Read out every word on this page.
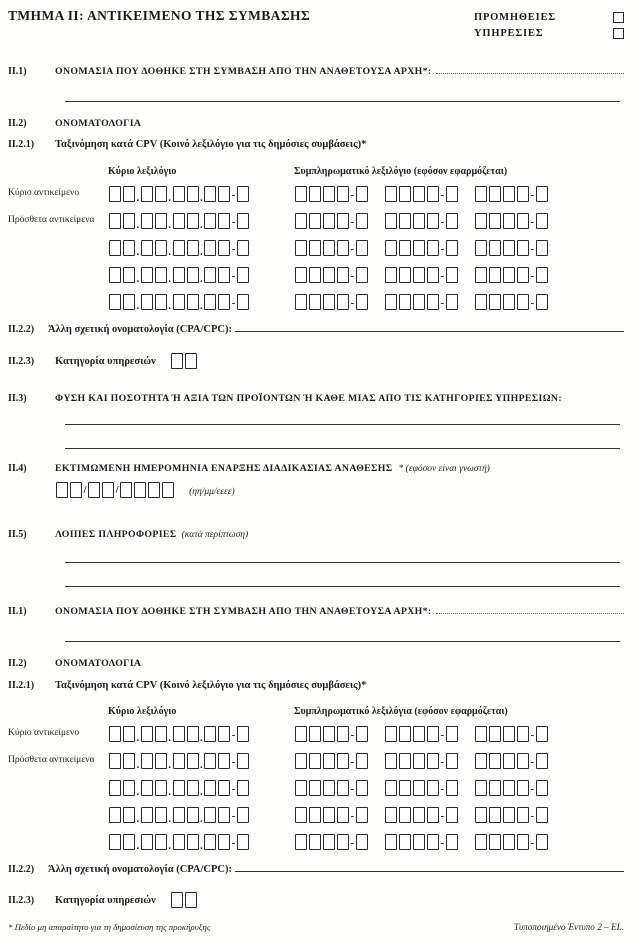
ΤΜΗΜΑ ΙΙ: ΑΝΤΙΚΕΙΜΕΝΟ ΤΗΣ ΣΥΜΒΑΣΗΣ	ΠΡΟΜΗΘΕΙΕΣ
ΥΠΗΡΕΣΙΕΣ
II.1)	ΟΝΟΜΑΣΙΑ ΠΟΥ ΔΟΘΗΚΕ ΣΤΗ ΣΥΜΒΑΣΗ ΑΠΟ ΤΗΝ ΑΝΑΘΕΤΟΥΣΑ ΑΡΧΗ*:
II.2)	ΟΝΟΜΑΤΟΛΟΓΙΑ
II.2.1)	Ταξινόμηση κατά CPV (Κοινό λεξιλόγιο για τις δημόσιες συμβάσεις)*
Κύριο λεξιλόγιο	Συμπληρωματικό λεξιλόγιο (εφόσον εφαρμόζεται)
Κύριο αντικείμενο	.	.	.	-	-	-	-
Πρόσθετα αντικείμενα	.	.	.	-	-	-	-
.	.	.	-	-	-	-
.	.	.	-	-	-	-
.	.	.	-	-	-	-
II.2.2)	Άλλη σχετική ονοματολογία (CPA/CPC):
II.2.3)	Κατηγορία υπηρεσιών
II.3)	ΦΥΣΗ ΚΑΙ ΠΟΣΟΤΗΤΑ Ή ΑΞΙΑ ΤΩΝ ΠΡΟΪΟΝΤΩΝ Ή ΚΑΘΕ ΜΙΑΣ ΑΠΟ ΤΙΣ ΚΑΤΗΓΟΡΙΕΣ ΥΠΗΡΕΣΙΩΝ:
II.4)	ΕΚΤΙΜΩΜΕΝΗ ΗΜΕΡΟΜΗΝΙΑ ΕΝΑΡΞΗΣ ΔΙΑΔΙΚΑΣΙΑΣ ΑΝΑΘΕΣΗΣ * (εφόσον είναι γνωστή)
/	/	(ηη/μμ/εεεε)
II.5)	ΛΟΙΠΕΣ ΠΛΗΡΟΦΟΡΙΕΣ (κατά περίπτωση)
II.1)	ΟΝΟΜΑΣΙΑ ΠΟΥ ΔΟΘΗΚΕ ΣΤΗ ΣΥΜΒΑΣΗ ΑΠΟ ΤΗΝ ΑΝΑΘΕΤΟΥΣΑ ΑΡΧΗ*:
II.2)	ΟΝΟΜΑΤΟΛΟΓΙΑ
II.2.1)	Ταξινόμηση κατά CPV (Κοινό λεξιλόγιο για τις δημόσιες συμβάσεις)*
Κύριο λεξιλόγιο	Συμπληρωματικό λεξιλόγια (εφόσον εφαρμόζεται)
Κύριο αντικείμενο	.	.	.	-	-	-	-
Πρόσθετα αντικείμενα	.	.	.	-	-	-	-
.	.	.	-	-	-	-
.	.	.	-	-	-	-
.	.	.	-	-	-	-
II.2.2)	Άλλη σχετική ονοματολογία (CPA/CPC):
II.2.3)	Κατηγορία υπηρεσιών
* Πεδίο μη απαραίτητο για τη δημοσίευση της προκήρυξης	Τυποποιημένο Έντυπο 2 – EL.
